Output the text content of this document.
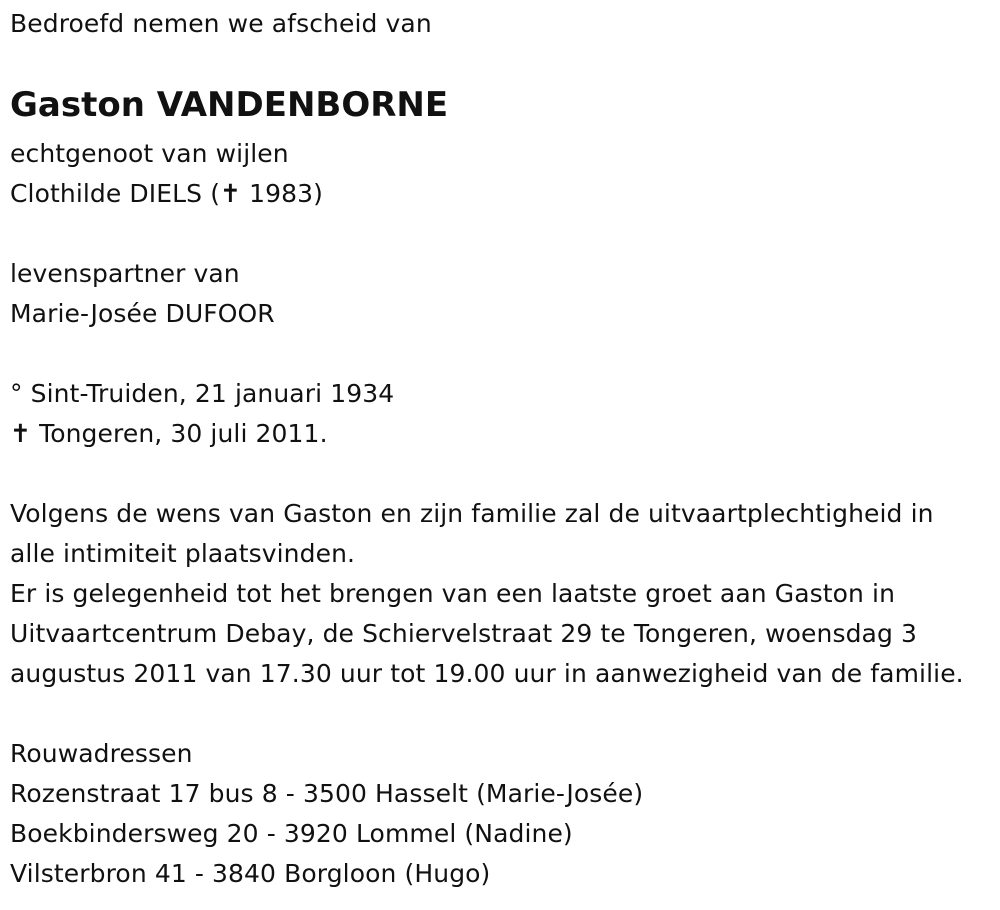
Bedroefd nemen we afscheid van
Gaston VANDENBORNE
echtgenoot van wijlen
Clothilde DIELS (✝ 1983)
levenspartner van
Marie-Josée DUFOOR
° Sint-Truiden, 21 januari 1934
✝ Tongeren, 30 juli 2011.
Volgens de wens van Gaston en zijn familie zal de uitvaartplechtigheid in
alle intimiteit plaatsvinden.
Er is gelegenheid tot het brengen van een laatste groet aan Gaston in
Uitvaartcentrum Debay, de Schiervelstraat 29 te Tongeren, woensdag 3
augustus 2011 van 17.30 uur tot 19.00 uur in aanwezigheid van de familie.
Rouwadressen
Rozenstraat 17 bus 8 - 3500 Hasselt (Marie-Josée)
Boekbindersweg 20 - 3920 Lommel (Nadine)
Vilsterbron 41 - 3840 Borgloon (Hugo)
